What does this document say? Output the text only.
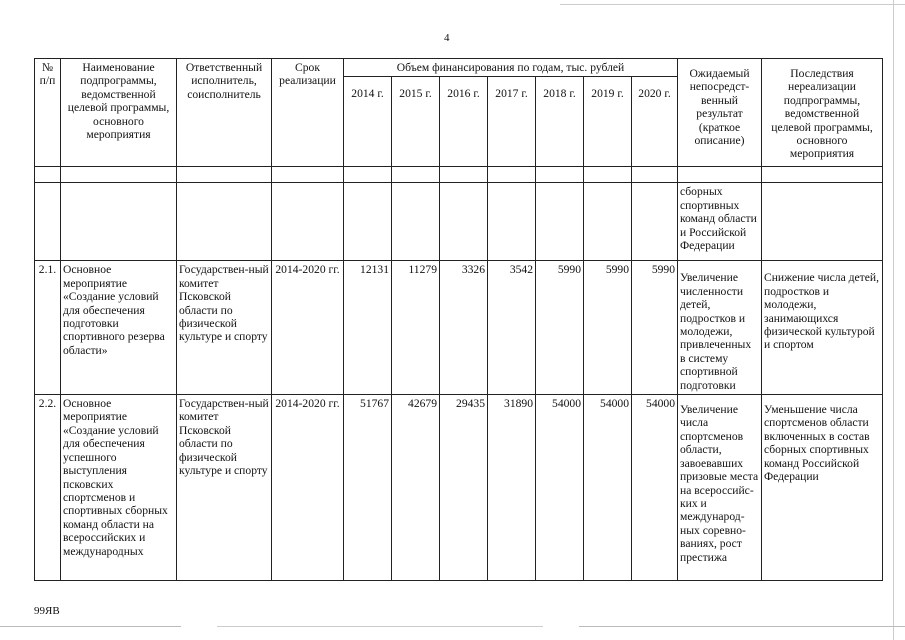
4
№ п/п	Наименование подпрограммы, ведомственной целевой программы, основного мероприятия	Ответственный исполнитель, соисполнитель	Срок реализации	Объем финансирования по годам, тыс. рублей							Ожидаемый непосредст-венный результат (краткое описание)	Последствия нереализации подпрограммы, ведомственной целевой программы, основного мероприятия
				2014 г.	2015 г.	2016 г.	2017 г.	2018 г.	2019 г.	2020 г.		

											сборных спортивных команд области и Российской Федерации	
2.1.	Основное мероприятие «Создание условий для обеспечения подготовки спортивного резерва области»	Государствен-ный комитет Псковской области по физической культуре и спорту	2014-2020 гг.	12131	11279	3326	3542	5990	5990	5990	Увеличение численности детей, подростков и молодежи, привлеченных в систему спортивной подготовки	Снижение числа детей, подростков и молодежи, занимающихся физической культурой и спортом
2.2.	Основное мероприятие «Создание условий для обеспечения успешного выступления псковских спортсменов и спортивных сборных команд области на всероссийских и международных	Государствен-ный комитет Псковской области по физической культуре и спорту	2014-2020 гг.	51767	42679	29435	31890	54000	54000	54000	Увеличение числа спортсменов области, завоевавших призовые места на всероссийс-ких и международ-ных соревно-ваниях, рост престижа	Уменьшение числа спортсменов области включенных в состав сборных спортивных команд Российской Федерации
99ЯВ
